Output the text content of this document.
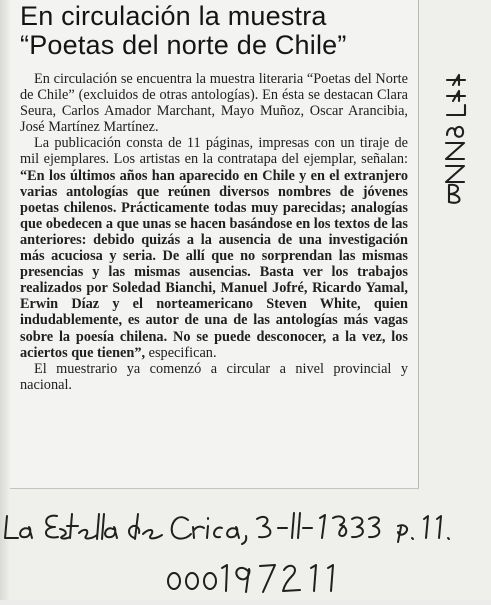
En circulación la muestra
“Poetas del norte de Chile”

En circulación se encuentra la muestra literaria “Poetas del Norte de Chile” (excluidos de otras antologías). En ésta se destacan Clara Seura, Carlos Amador Marchant, Mayo Muñoz, Oscar Arancibia, José Martínez Martínez.

La publicación consta de 11 páginas, impresas con un tiraje de mil ejemplares. Los artistas en la contratapa del ejemplar, señalan: “En los últimos años han aparecido en Chile y en el extranjero varias antologías que reúnen diversos nombres de jóvenes poetas chilenos. Prácticamente todas muy parecidas; analogías que obedecen a que unas se hacen basándose en los textos de las anteriores: debido quizás a la ausencia de una investigación más acuciosa y seria. De allí que no sorprendan las mismas presencias y las mismas ausencias. Basta ver los trabajos realizados por Soledad Bianchi, Manuel Jofré, Ricardo Yamal, Erwin Díaz y el norteamericano Steven White, quien indudablemente, es autor de una de las antologías más vagas sobre la poesía chilena. No se puede desconocer, a la vez, los aciertos que tienen”, especifican.

El muestrario ya comenzó a circular a nivel provincial y nacional.
